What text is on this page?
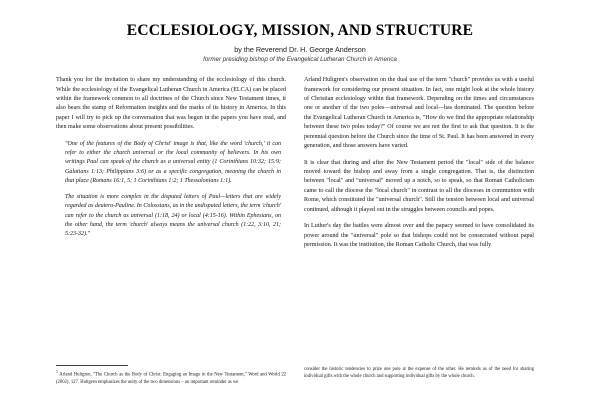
ECCLESIOLOGY, MISSION, AND STRUCTURE
by the Reverend Dr. H. George Anderson
former presiding bishop of the Evangelical Lutheran Church in America

Thank you for the invitation to share my understanding of the ecclesiology of this church. While the ecclesiology of the Evangelical Lutheran Church in America (ELCA) can be placed within the framework common to all doctrines of the Church since New Testament times, it also bears the stamp of Reformation insights and the marks of its history in America. In this paper I will try to pick up the conversation that was begun in the papers you have read, and then make some observations about present possibilities.

"One of the features of the Body of Christ' image is that, like the word 'church,' it can refer to either the church universal or the local community of believers. In his own writings Paul can speak of the church as a universal entity (1 Corinthians 10:32; 15:9; Galatians 1:13; Philippians 3:6) or as a specific congregation, meaning the church in that place (Romans 16:1, 5; 1 Corinthians 1:2; 1 Thessalonians 1:1).

The situation is more complex in the disputed letters of Paul—letters that are widely regarded as deutero-Pauline. In Colossians, as in the undisputed letters, the term 'church' can refer to the church as universal (1:18, 24) or local (4:15-16). Within Ephesians, on the other hand, the term 'church' always means the universal church (1:22, 3:10, 21; 5:23-32)."

Arland Hultgren's observation on the dual use of the term "church" provides us with a useful framework for considering our present situation. In fact, one might look at the whole history of Christian ecclesiology within that framework. Depending on the times and circumstances one or another of the two poles—universal and local—has dominated. The question before the Evangelical Lutheran Church in America is, "How do we find the appropriate relationship between these two poles today?" Of course we are not the first to ask that question. It is the perennial question before the Church since the time of St. Paul. It has been answered in every generation, and those answers have varied.

It is clear that during and after the New Testament period the "local" side of the balance moved toward the bishop and away from a single congregation. That is, the distinction between "local" and "universal" moved up a notch, so to speak, so that Roman Catholicism came to call the diocese the "local church" in contrast to all the dioceses in communion with Rome, which constituted the "universal church". Still the tension between local and universal continued, although it played out in the struggles between councils and popes.

In Luther's day the battles were almost over and the papacy seemed to have consolidated its power around the "universal" pole so that bishops could not be consecrated without papal permission. It was the institution, the Roman Catholic Church, that was fully

$^1$ Arland Hultgren, "The Church as the Body of Christ: Engaging an Image in the New Testament," Word and World 22 (2002), 127. Hultgren emphasizes the unity of the two dimensions – an important reminder as we

consider the historic tendencies to prize one pole at the expense of the other. He reminds us of the need for sharing individual gifts with the whole church and supporting individual gifts by the whole church.
